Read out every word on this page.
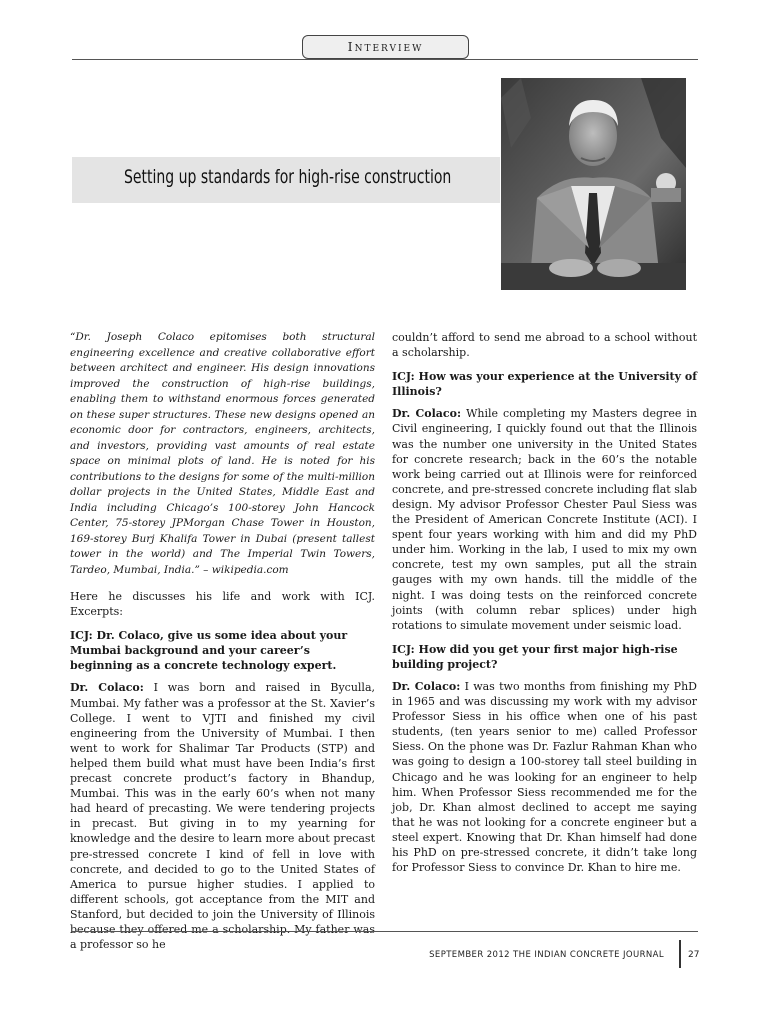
Interview
Setting up standards for high-rise construction

“Dr. Joseph Colaco epitomises both structural engineering excellence and creative collaborative effort between architect and engineer. His design innovations improved the construction of high-rise buildings, enabling them to withstand enormous forces generated on these super structures. These new designs opened an economic door for contractors, engineers, architects, and investors, providing vast amounts of real estate space on minimal plots of land. He is noted for his contributions to the designs for some of the multi-million dollar projects in the United States, Middle East and India including Chicago’s 100-storey John Hancock Center, 75-storey JPMorgan Chase Tower in Houston, 169-storey Burj Khalifa Tower in Dubai (present tallest tower in the world) and The Imperial Twin Towers, Tardeo, Mumbai, India.” – wikipedia.com

Here he discusses his life and work with ICJ. Excerpts:

ICJ: Dr. Colaco, give us some idea about your Mumbai background and your career’s beginning as a concrete technology expert.

Dr. Colaco: I was born and raised in Byculla, Mumbai. My father was a professor at the St. Xavier’s College. I went to VJTI and finished my civil engineering from the University of Mumbai. I then went to work for Shalimar Tar Products (STP) and helped them build what must have been India’s first precast concrete product’s factory in Bhandup, Mumbai. This was in the early 60’s when not many had heard of precasting. We were tendering projects in precast. But giving in to my yearning for knowledge and the desire to learn more about precast pre-stressed concrete I kind of fell in love with concrete, and decided to go to the United States of America to pursue higher studies. I applied to different schools, got acceptance from the MIT and Stanford, but decided to join the University of Illinois because they offered me a scholarship. My father was a professor so he

couldn’t afford to send me abroad to a school without a scholarship.

ICJ: How was your experience at the University of Illinois?

Dr. Colaco: While completing my Masters degree in Civil engineering, I quickly found out that the Illinois was the number one university in the United States for concrete research; back in the 60’s the notable work being carried out at Illinois were for reinforced concrete, and pre-stressed concrete including flat slab design. My advisor Professor Chester Paul Siess was the President of American Concrete Institute (ACI). I spent four years working with him and did my PhD under him. Working in the lab, I used to mix my own concrete, test my own samples, put all the strain gauges with my own hands. till the middle of the night. I was doing tests on the reinforced concrete joints (with column rebar splices) under high rotations to simulate movement under seismic load.

ICJ: How did you get your first major high-rise building project?

Dr. Colaco: I was two months from finishing my PhD in 1965 and was discussing my work with my advisor Professor Siess in his office when one of his past students, (ten years senior to me) called Professor Siess. On the phone was Dr. Fazlur Rahman Khan who was going to design a 100-storey tall steel building in Chicago and he was looking for an engineer to help him. When Professor Siess recommended me for the job, Dr. Khan almost declined to accept me saying that he was not looking for a concrete engineer but a steel expert. Knowing that Dr. Khan himself had done his PhD on pre-stressed concrete, it didn’t take long for Professor Siess to convince Dr. Khan to hire me.

SEPTEMBER 2012 THE INDIAN CONCRETE JOURNAL	27
